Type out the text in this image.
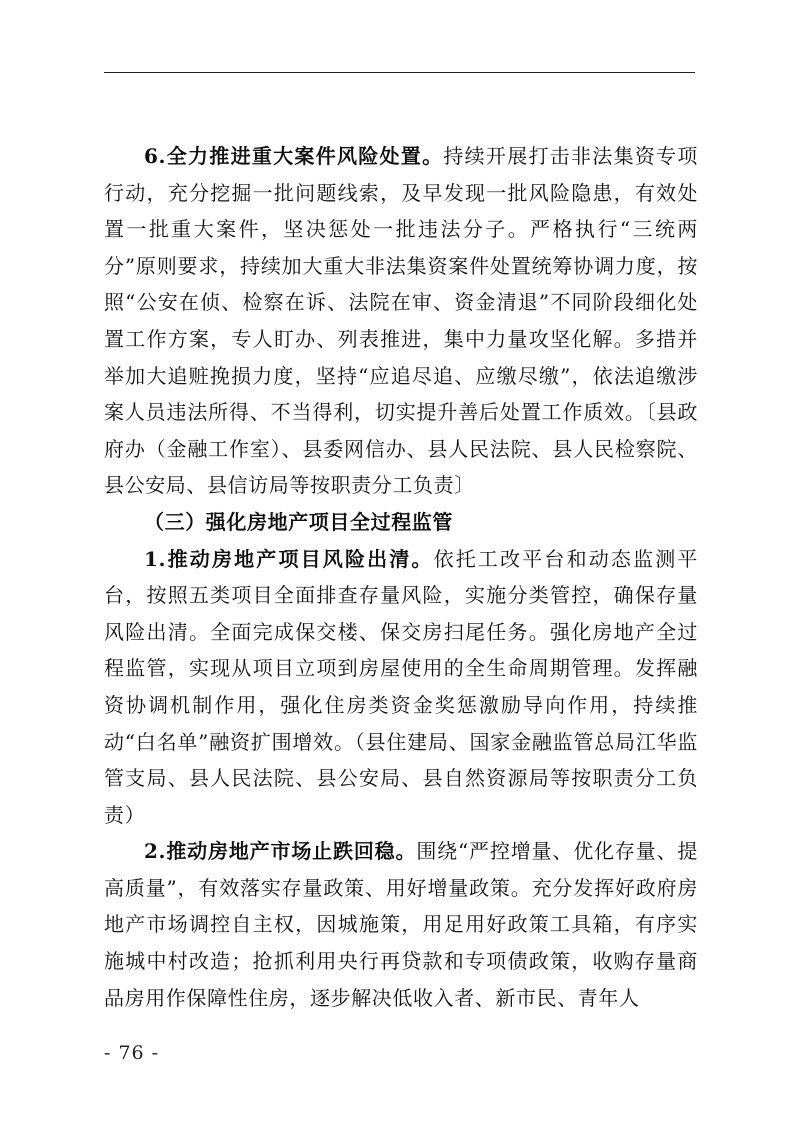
6.全力推进重大案件风险处置。持续开展打击非法集资专项行动，充分挖掘一批问题线索，及早发现一批风险隐患，有效处置一批重大案件，坚决惩处一批违法分子。严格执行“三统两分”原则要求，持续加大重大非法集资案件处置统筹协调力度，按照“公安在侦、检察在诉、法院在审、资金清退”不同阶段细化处置工作方案，专人盯办、列表推进，集中力量攻坚化解。多措并举加大追赃挽损力度，坚持“应追尽追、应缴尽缴”，依法追缴涉案人员违法所得、不当得利，切实提升善后处置工作质效。〔县政府办（金融工作室）、县委网信办、县人民法院、县人民检察院、县公安局、县信访局等按职责分工负责〕

（三）强化房地产项目全过程监管

1.推动房地产项目风险出清。依托工改平台和动态监测平台，按照五类项目全面排查存量风险，实施分类管控，确保存量风险出清。全面完成保交楼、保交房扫尾任务。强化房地产全过程监管，实现从项目立项到房屋使用的全生命周期管理。发挥融资协调机制作用，强化住房类资金奖惩激励导向作用，持续推动“白名单”融资扩围增效。（县住建局、国家金融监管总局江华监管支局、县人民法院、县公安局、县自然资源局等按职责分工负责）

2.推动房地产市场止跌回稳。围绕“严控增量、优化存量、提高质量”，有效落实存量政策、用好增量政策。充分发挥好政府房地产市场调控自主权，因城施策，用足用好政策工具箱，有序实施城中村改造；抢抓利用央行再贷款和专项债政策，收购存量商品房用作保障性住房，逐步解决低收入者、新市民、青年人

- 76 -
